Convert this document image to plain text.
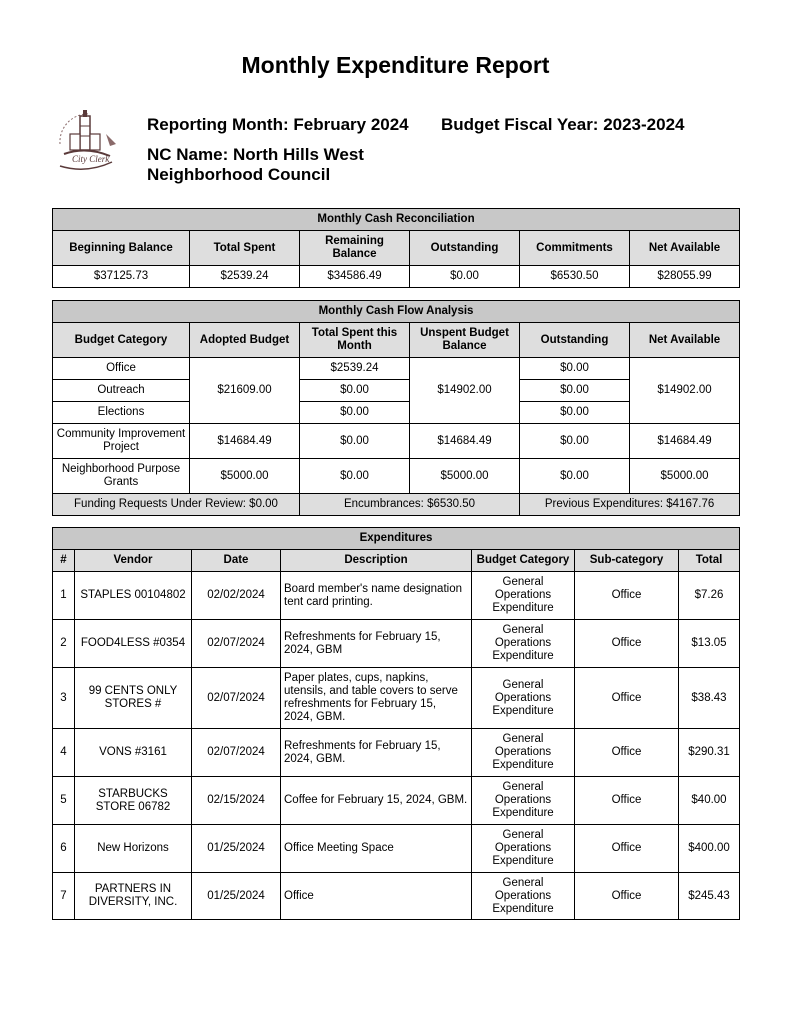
Monthly Expenditure Report
City Clerk
Reporting Month: February 2024 Budget Fiscal Year: 2023-2024
NC Name: North Hills West
Neighborhood Council
Monthly Cash Reconciliation					
Beginning Balance	Total Spent	Remaining Balance	Outstanding	Commitments	Net Available
$37125.73	$2539.24	$34586.49	$0.00	$6530.50	$28055.99
Monthly Cash Flow Analysis					
Budget Category	Adopted Budget	Total Spent this Month	Unspent Budget Balance	Outstanding	Net Available
Office	$21609.00	$2539.24	$14902.00	$0.00	$14902.00
Outreach		$0.00		$0.00	
Elections		$0.00		$0.00	
Community Improvement Project	$14684.49	$0.00	$14684.49	$0.00	$14684.49
Neighborhood Purpose Grants	$5000.00	$0.00	$5000.00	$0.00	$5000.00
Funding Requests Under Review: $0.00		Encumbrances: $6530.50		Previous Expenditures: $4167.76	
Expenditures						
#	Vendor	Date	Description	Budget Category	Sub-category	Total
1	STAPLES 00104802	02/02/2024	Board member's name designation tent card printing.	General Operations Expenditure	Office	$7.26
2	FOOD4LESS #0354	02/07/2024	Refreshments for February 15, 2024, GBM	General Operations Expenditure	Office	$13.05
3	99 CENTS ONLY STORES #	02/07/2024	Paper plates, cups, napkins, utensils, and table covers to serve refreshments for February 15, 2024, GBM.	General Operations Expenditure	Office	$38.43
4	VONS #3161	02/07/2024	Refreshments for February 15, 2024, GBM.	General Operations Expenditure	Office	$290.31
5	STARBUCKS STORE 06782	02/15/2024	Coffee for February 15, 2024, GBM.	General Operations Expenditure	Office	$40.00
6	New Horizons	01/25/2024	Office Meeting Space	General Operations Expenditure	Office	$400.00
7	PARTNERS IN DIVERSITY, INC.	01/25/2024	Office	General Operations Expenditure	Office	$245.43
